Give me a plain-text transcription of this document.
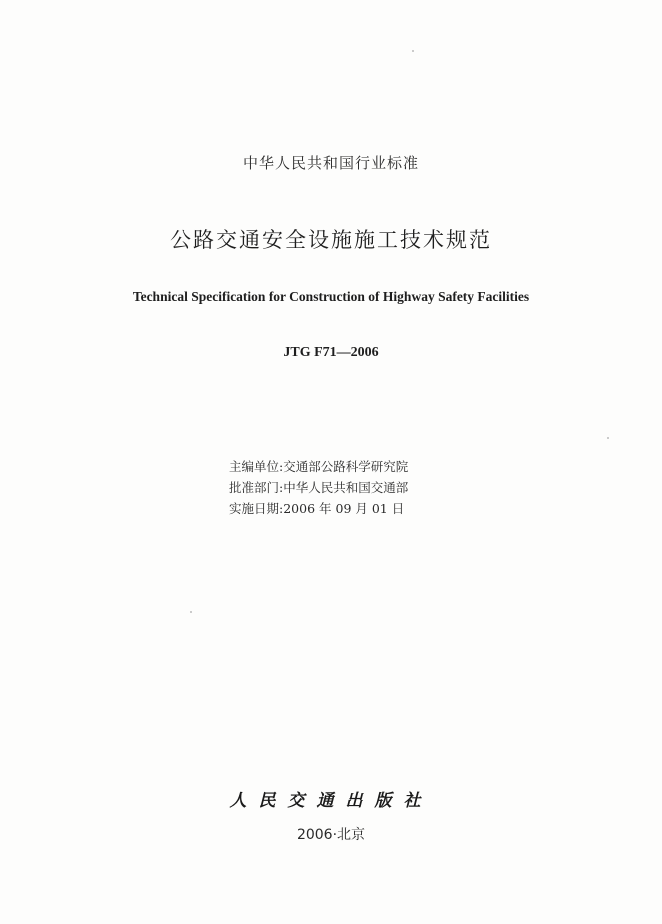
中华人民共和国行业标准
公路交通安全设施施工技术规范
Technical Specification for Construction of Highway Safety Facilities
JTG F71—2006
主编单位:交通部公路科学研究院
批准部门:中华人民共和国交通部
实施日期:2006 年 09 月 01 日
人民交通出版社
2006·北京
